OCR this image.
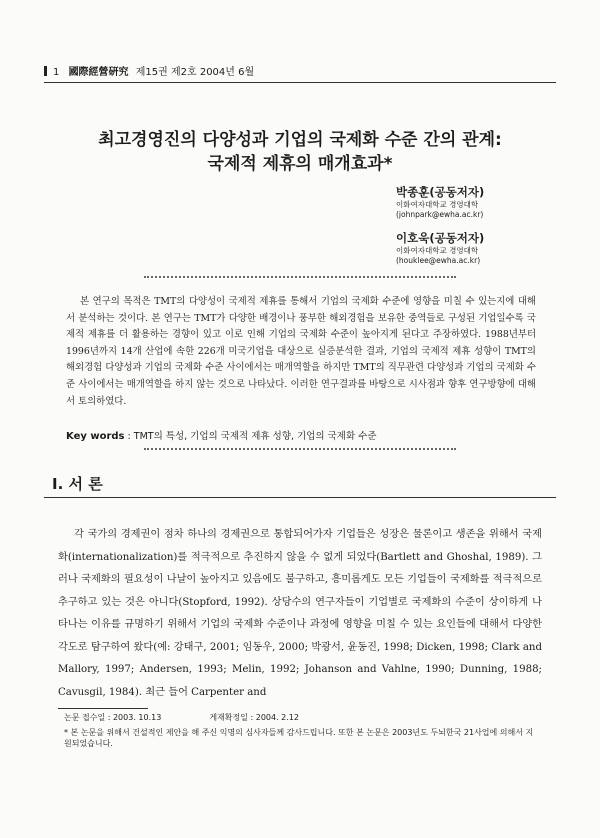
1 國際經營硏究 제15권 제2호 2004년 6월
최고경영진의 다양성과 기업의 국제화 수준 간의 관계:
국제적 제휴의 매개효과*
박종훈(공동저자)
이화여자대학교 경영대학
(johnpark@ewha.ac.kr)
이호욱(공동저자)
이화여자대학교 경영대학
(houklee@ewha.ac.kr)

본 연구의 목적은 TMT의 다양성이 국제적 제휴를 통해서 기업의 국제화 수준에 영향을 미칠 수 있는지에 대해서 분석하는 것이다. 본 연구는 TMT가 다양한 배경이나 풍부한 해외경험을 보유한 중역들로 구성된 기업일수록 국제적 제휴를 더 활용하는 경향이 있고 이로 인해 기업의 국제화 수준이 높아지게 된다고 주장하였다. 1988년부터 1996년까지 14개 산업에 속한 226개 미국기업을 대상으로 실증분석한 결과, 기업의 국제적 제휴 성향이 TMT의 해외경험 다양성과 기업의 국제화 수준 사이에서는 매개역할을 하지만 TMT의 직무관련 다양성과 기업의 국제화 수준 사이에서는 매개역할을 하지 않는 것으로 나타났다. 이러한 연구결과를 바탕으로 시사점과 향후 연구방향에 대해서 토의하였다.

Key words : TMT의 특성, 기업의 국제적 제휴 성향, 기업의 국제화 수준
Ⅰ. 서 론

각 국가의 경제권이 점차 하나의 경제권으로 통합되어가자 기업들은 성장은 물론이고 생존을 위해서 국제화(internationalization)를 적극적으로 추진하지 않을 수 없게 되었다(Bartlett and Ghoshal, 1989). 그러나 국제화의 필요성이 나날이 높아지고 있음에도 불구하고, 흥미롭게도 모든 기업들이 국제화를 적극적으로 추구하고 있는 것은 아니다(Stopford, 1992). 상당수의 연구자들이 기업별로 국제화의 수준이 상이하게 나타나는 이유를 규명하기 위해서 기업의 국제화 수준이나 과정에 영향을 미칠 수 있는 요인들에 대해서 다양한 각도로 탐구하여 왔다(예: 강태구, 2001; 임동우, 2000; 박광서, 윤동진, 1998; Dicken, 1998; Clark and Mallory, 1997; Andersen, 1993; Melin, 1992; Johanson and Vahlne, 1990; Dunning, 1988; Cavusgil, 1984). 최근 들어 Carpenter and

논문 접수일 : 2003. 10.13	게재확정일 : 2004. 2.12
* 본 논문을 위해서 건설적인 제안을 해 주신 익명의 심사자들께 감사드립니다. 또한 본 논문은 2003년도 두뇌한국 21사업에 의해서 지원되었습니다.
